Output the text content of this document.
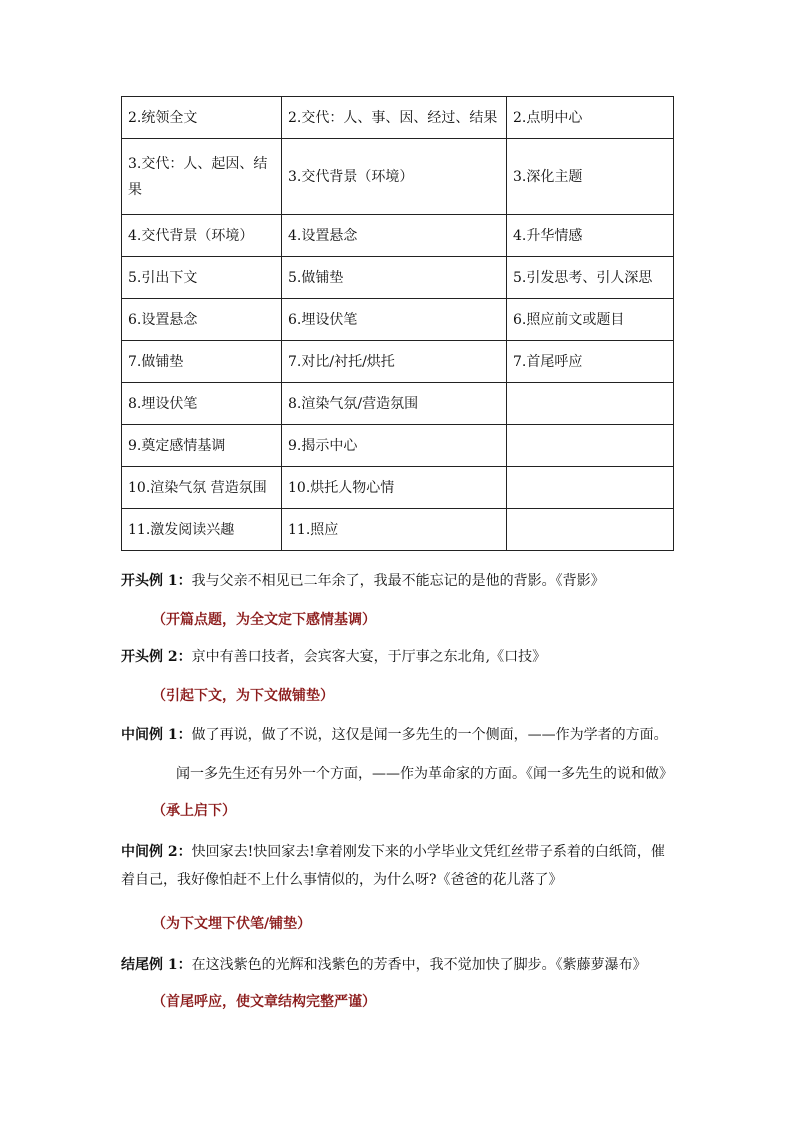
2.统领全文	2.交代：人、事、因、经过、结果	2.点明中心
3.交代：人、起因、结果	3.交代背景（环境）	3.深化主题
4.交代背景（环境）	4.设置悬念	4.升华情感
5.引出下文	5.做铺垫	5.引发思考、引人深思
6.设置悬念	6.埋设伏笔	6.照应前文或题目
7.做铺垫	7.对比/衬托/烘托	7.首尾呼应
8.埋设伏笔	8.渲染气氛/营造氛围	
9.奠定感情基调	9.揭示中心	
10.渲染气氛 营造氛围	10.烘托人物心情	
11.激发阅读兴趣	11.照应	
开头例 1：我与父亲不相见已二年余了，我最不能忘记的是他的背影。《背影》
（开篇点题，为全文定下感情基调）
开头例 2：京中有善口技者，会宾客大宴，于厅事之东北角,《口技》
（引起下文，为下文做铺垫）
中间例 1：做了再说，做了不说，这仅是闻一多先生的一个侧面，——作为学者的方面。
闻一多先生还有另外一个方面，——作为革命家的方面。《闻一多先生的说和做》
（承上启下）
中间例 2：快回家去!快回家去!拿着刚发下来的小学毕业文凭红丝带子系着的白纸筒，催着自己，我好像怕赶不上什么事情似的，为什么呀?《爸爸的花儿落了》
（为下文埋下伏笔/铺垫）
结尾例 1：在这浅紫色的光辉和浅紫色的芳香中，我不觉加快了脚步。《紫藤萝瀑布》
（首尾呼应，使文章结构完整严谨）
